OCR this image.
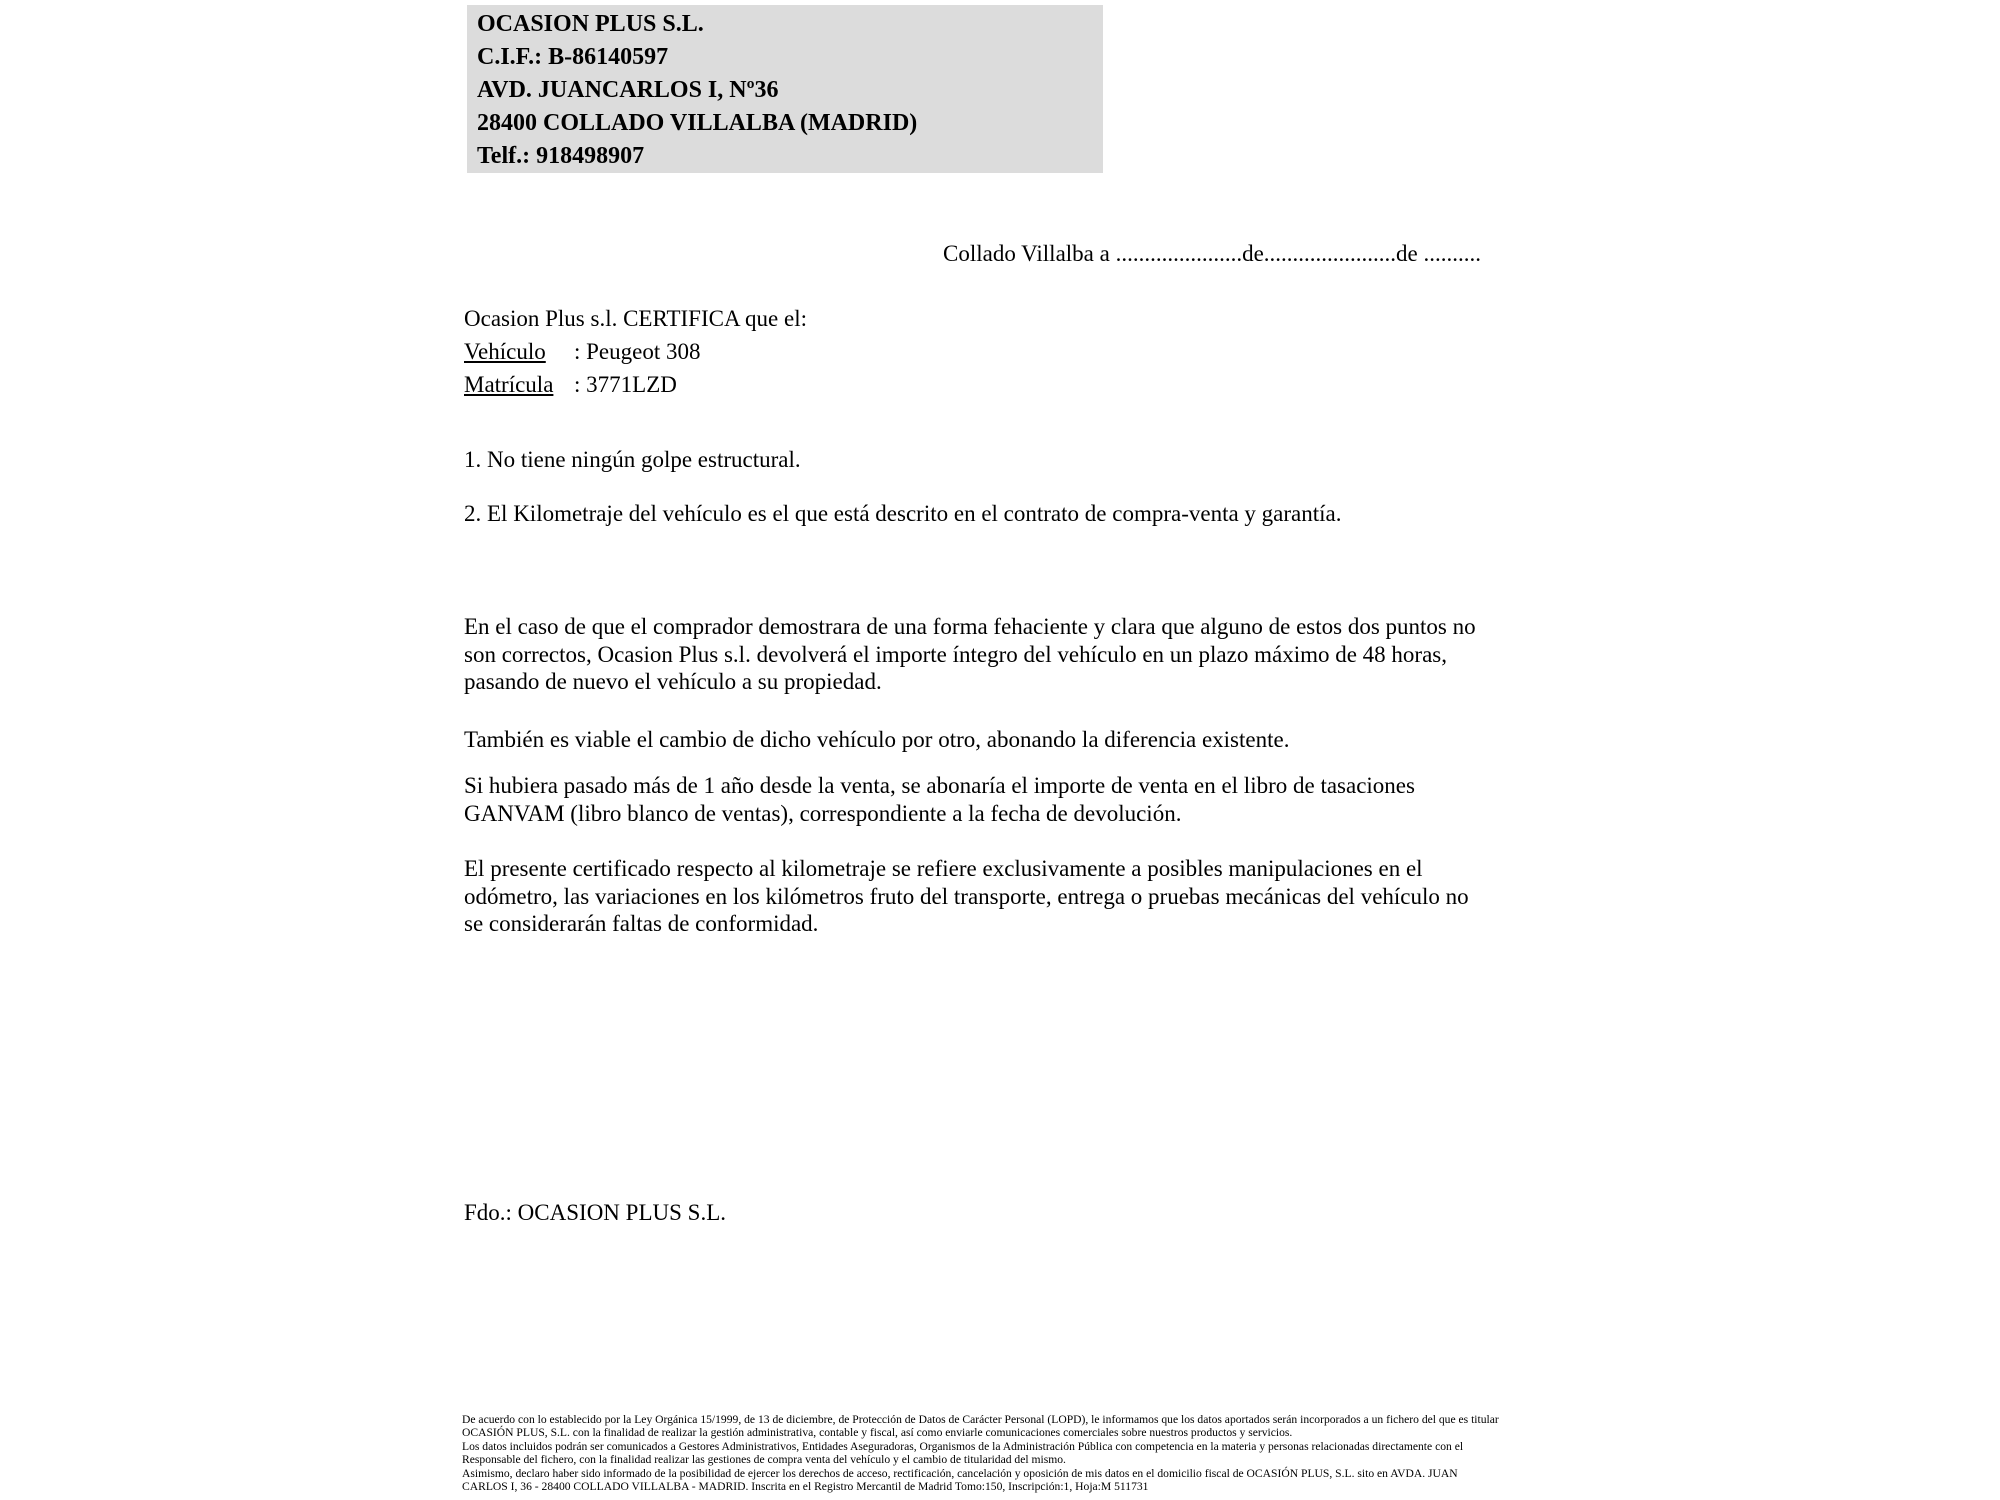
OCASION PLUS S.L.
C.I.F.: B-86140597
AVD. JUANCARLOS I, Nº36
28400 COLLADO VILLALBA (MADRID)
Telf.: 918498907
Collado Villalba a ......................de.......................de ..........
Ocasion Plus s.l. CERTIFICA que el:
Vehículo : Peugeot 308
Matrícula : 3771LZD
1. No tiene ningún golpe estructural.
2. El Kilometraje del vehículo es el que está descrito en el contrato de compra-venta y garantía.
En el caso de que el comprador demostrara de una forma fehaciente y clara que alguno de estos dos puntos no
son correctos, Ocasion Plus s.l. devolverá el importe íntegro del vehículo en un plazo máximo de 48 horas,
pasando de nuevo el vehículo a su propiedad.
También es viable el cambio de dicho vehículo por otro, abonando la diferencia existente.
Si hubiera pasado más de 1 año desde la venta, se abonaría el importe de venta en el libro de tasaciones
GANVAM (libro blanco de ventas), correspondiente a la fecha de devolución.
El presente certificado respecto al kilometraje se refiere exclusivamente a posibles manipulaciones en el
odómetro, las variaciones en los kilómetros fruto del transporte, entrega o pruebas mecánicas del vehículo no
se considerarán faltas de conformidad.
Fdo.: OCASION PLUS S.L.
De acuerdo con lo establecido por la Ley Orgánica 15/1999, de 13 de diciembre, de Protección de Datos de Carácter Personal (LOPD), le informamos que los datos aportados serán incorporados a un fichero del que es titular
OCASIÓN PLUS, S.L. con la finalidad de realizar la gestión administrativa, contable y fiscal, así como enviarle comunicaciones comerciales sobre nuestros productos y servicios.
Los datos incluidos podrán ser comunicados a Gestores Administrativos, Entidades Aseguradoras, Organismos de la Administración Pública con competencia en la materia y personas relacionadas directamente con el
Responsable del fichero, con la finalidad realizar las gestiones de compra venta del vehículo y el cambio de titularidad del mismo.
Asimismo, declaro haber sido informado de la posibilidad de ejercer los derechos de acceso, rectificación, cancelación y oposición de mis datos en el domicilio fiscal de OCASIÓN PLUS, S.L. sito en AVDA. JUAN
CARLOS I, 36 - 28400 COLLADO VILLALBA - MADRID. Inscrita en el Registro Mercantil de Madrid Tomo:150, Inscripción:1, Hoja:M 511731
